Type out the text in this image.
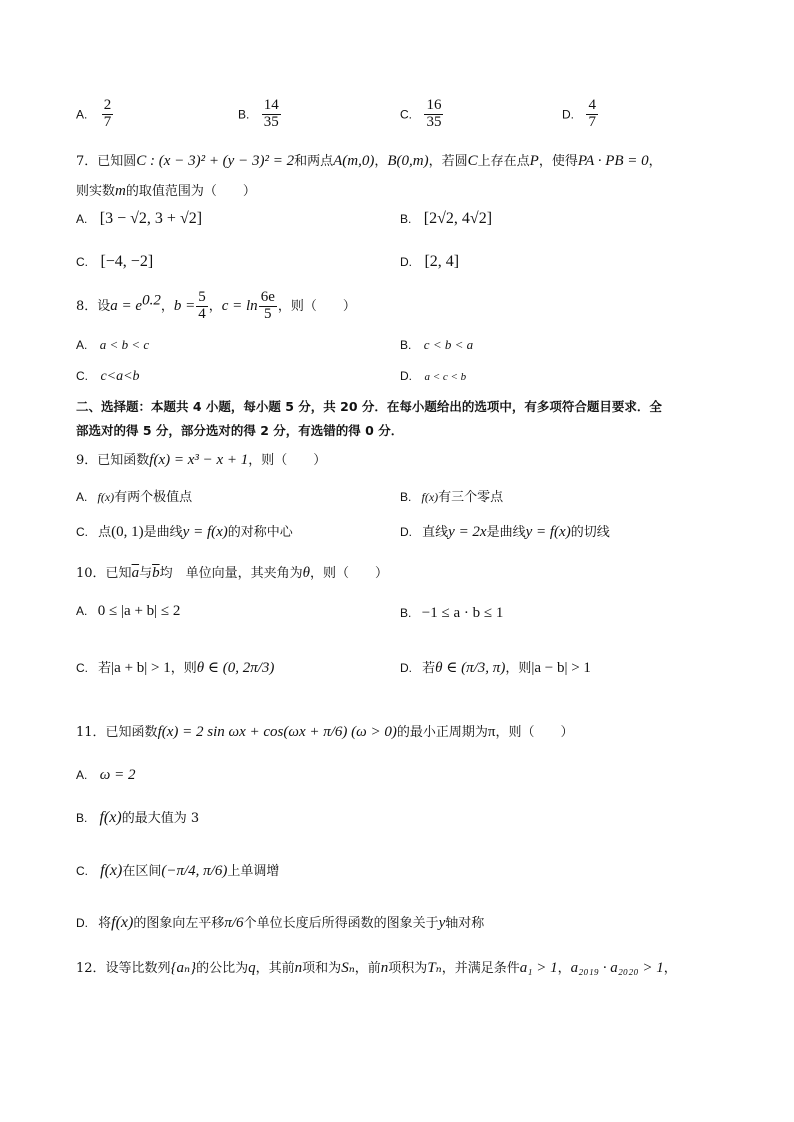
A. $\frac{2}{7}$	B. $\frac{14}{35}$	C. $\frac{16}{35}$	D. $\frac{4}{7}$
7．已知圆C : (x − 3)² + (y − 3)² = 2和两点A(m,0)，B(0,m)，若圆C上存在点P，使得PA · PB = 0，
则实数m的取值范围为（　　）
A. [3 − √2, 3 + √2]	B. [2√2, 4√2]
C. [−4, −2]	D. [2, 4]
8．设$a = e^{0.2}$，$b = \frac{5}{4}$ ，$c = \ln \frac{6e}{5}$ ，则（　　）
A. a < b < c	B. c < b < a
C. c<a<b	D. a < c < b
二、选择题：本题共 4 小题，每小题 5 分，共 20 分．在每小题给出的选项中，有多项符合题目要求．全
部选对的得 5 分，部分选对的得 2 分，有选错的得 0 分．
9．已知函数f(x) = x³ − x + 1，则（　　）
A. f(x)有两个极值点	B. f(x)有三个零点
C. 点(0, 1)是曲线y = f(x)的对称中心	D. 直线y = 2x是曲线y = f(x)的切线
10．已知$\overline{a}$与$\overline{b}$均　单位向量，其夹角为θ，则（　　）
A. 0 ≤ |a + b| ≤ 2	B. −1 ≤ a · b ≤ 1
C. 若|a + b| > 1，则θ ∈ (0, 2π/3)	D. 若θ ∈ (π/3, π)，则|a − b| > 1
11．已知函数f(x) = 2 sin ωx + cos(ωx + π/6) (ω > 0)的最小正周期为π，则（　　）
A. ω = 2
B. f(x)的最大值为 3
C. f(x)在区间(−π/4, π/6)上单调增
D. 将f(x)的图象向左平移π/6个单位长度后所得函数的图象关于y轴对称
12．设等比数列{aₙ}的公比为q，其前n项和为Sₙ，前n项积为Tₙ，并满足条件a₁ > 1，a₂₀₁₉ · a₂₀₂₀ > 1，
